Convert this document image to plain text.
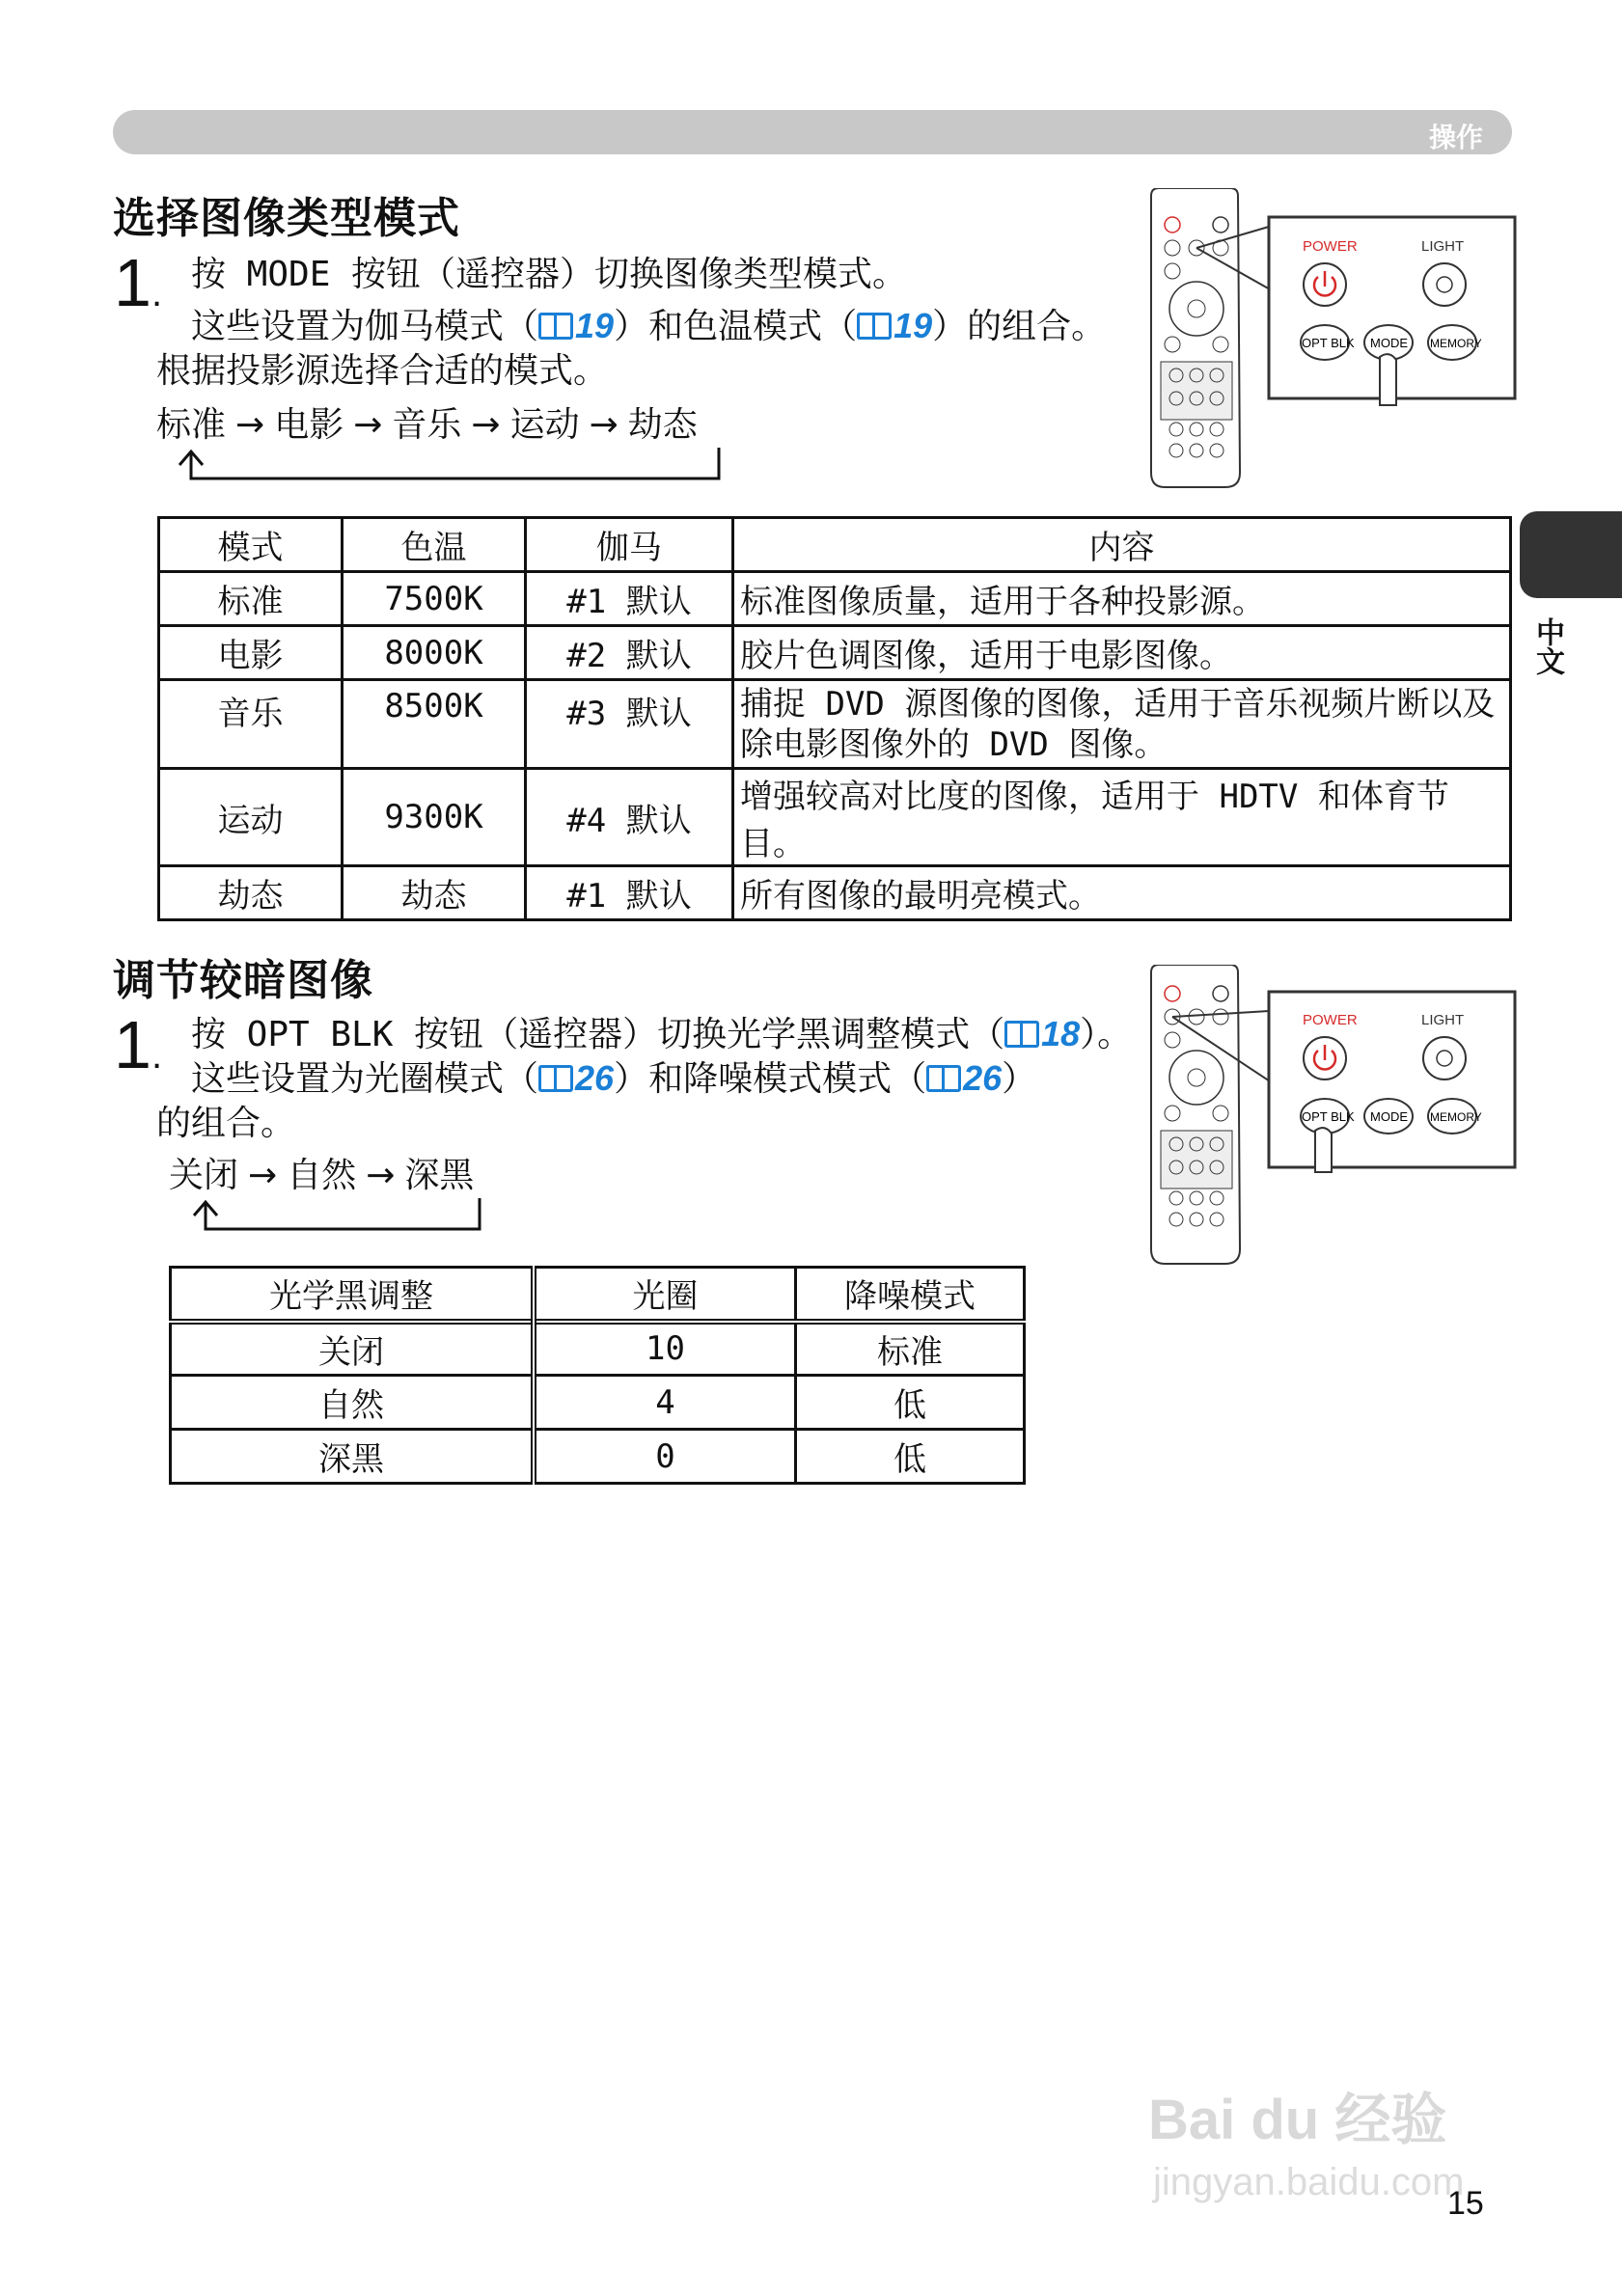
操作
中文
选择图像类型模式
1. 按 MODE 按钮（遥控器）切换图像类型模式。
这些设置为伽马模式（ 19）和色温模式（ 19）的组合。
根据投影源选择合适的模式。
标准 → 电影 → 音乐 → 运动 → 劫态
模式	色温	伽马	内容
标准	7500K	#1 默认	标准图像质量，适用于各种投影源。
电影	8000K	#2 默认	胶片色调图像，适用于电影图像。
音乐	8500K	#3 默认	捕捉 DVD 源图像的图像，适用于音乐视频片断以及除电影图像外的 DVD 图像。
运动	9300K	#4 默认	增强较高对比度的图像，适用于 HDTV 和体育节目。
劫态	劫态	#1 默认	所有图像的最明亮模式。
POWER	LIGHT
OPT BLK MODE MEMORY
调节较暗图像
1. 按 OPT BLK 按钮（遥控器）切换光学黑调整模式（ 18）。
这些设置为光圈模式（ 26）和降噪模式模式（ 26）
的组合。
关闭 → 自然 → 深黑
光学黑调整	光圈	降噪模式
关闭	10	标准
自然	4	低
深黑	0	低
POWER	LIGHT
OPT BLK MODE MEMORY
Bai du 经验
jingyan.baidu.com
15
